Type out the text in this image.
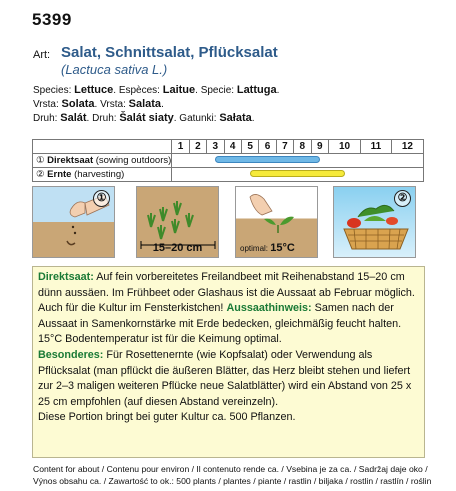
5399
Art: Salat, Schnittsalat, Pflücksalat
(Lactuca sativa L.)
Species: Lettuce. Espèces: Laitue. Specie: Lattuga.
Vrsta: Solata. Vrsta: Salata.
Druh: Salát. Druh: Šalát siaty. Gatunki: Sałata.
	1	2	3	4	5	6	7	8	9	10	11	12
① Direktsaat (sowing outdoors)												
② Ernte (harvesting)												
①
15–20 cm	optimal: 15°C
②

Direktsaat: Auf fein vorbereitetes Freilandbeet mit Reihenabstand 15–20 cm dünn aussäen. Im Frühbeet oder Glashaus ist die Aussaat ab Februar möglich. Auch für die Kultur im Fensterkistchen! Aussaathinweis: Samen nach der Aussaat in Samenkornstärke mit Erde bedecken, gleichmäßig feucht halten. 15°C Bodentemperatur ist für die Keimung optimal.

Besonderes: Für Rosettenernte (wie Kopfsalat) oder Verwendung als Pflücksalat (man pflückt die äußeren Blätter, das Herz bleibt stehen und liefert zur 2–3 maligen weiteren Pflücke neue Salatblätter) wird ein Abstand von 25 x 25 cm empfohlen (auf diesen Abstand vereinzeln).

Diese Portion bringt bei guter Kultur ca. 500 Pflanzen.

Content for about / Contenu pour environ / Il contenuto rende ca. / Vsebina je za ca. / Sadržaj daje oko /
Výnos obsahu ca. / Zawartość to ok.: 500 plants / plantes / piante / rastlin / biljaka / rostlin / rastlín / roślin
